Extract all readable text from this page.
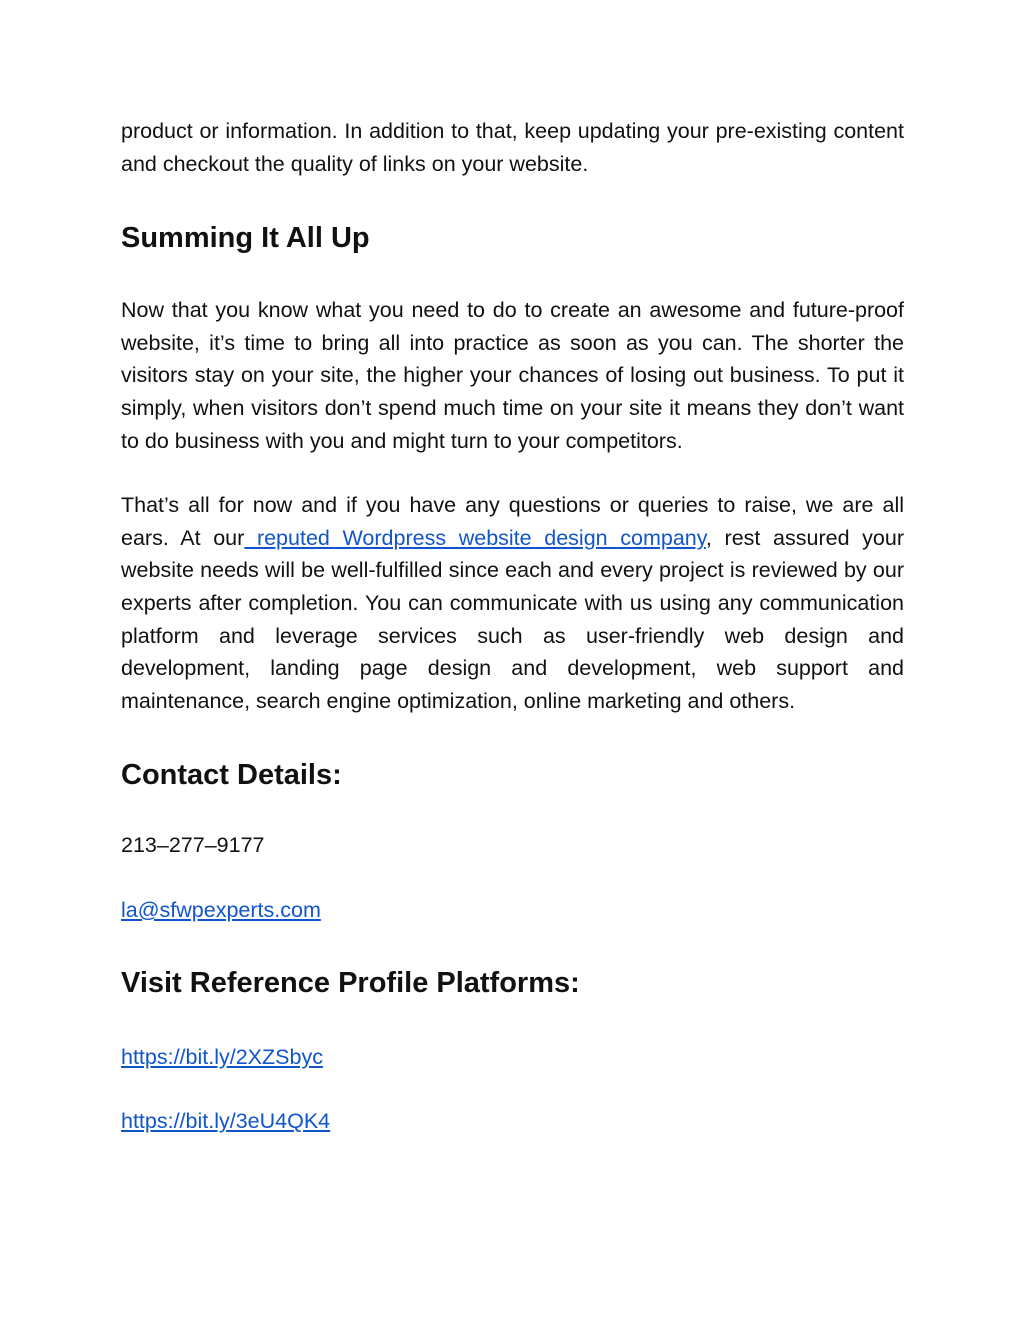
product or information. In addition to that, keep updating your pre-existing content and checkout the quality of links on your website.

Summing It All Up

Now that you know what you need to do to create an awesome and future-proof website, it’s time to bring all into practice as soon as you can. The shorter the visitors stay on your site, the higher your chances of losing out business. To put it simply, when visitors don’t spend much time on your site it means they don’t want to do business with you and might turn to your competitors.

That’s all for now and if you have any questions or queries to raise, we are all ears. At our reputed Wordpress website design company, rest assured your website needs will be well-fulfilled since each and every project is reviewed by our experts after completion. You can communicate with us using any communication platform and leverage services such as user-friendly web design and development, landing page design and development, web support and maintenance, search engine optimization, online marketing and others.

Contact Details:

213–277–9177

la@sfwpexperts.com

Visit Reference Profile Platforms:

https://bit.ly/2XZSbyc

https://bit.ly/3eU4QK4
